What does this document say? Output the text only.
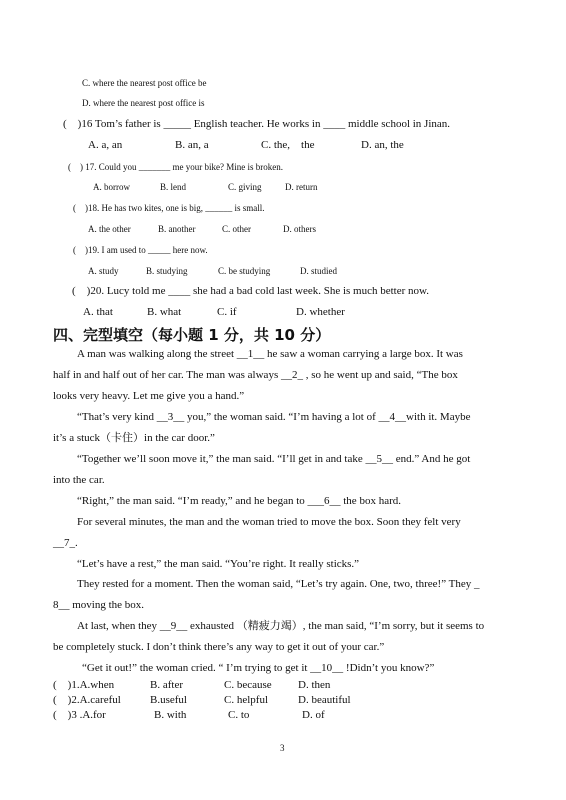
C. where the nearest post office be
D. where the nearest post office is
(    )16 Tom’s father is _____ English teacher. He works in ____ middle school in Jinan.
A. a, an	B. an, a	C. the,    the	D. an, the
(    ) 17. Could you _______ me your bike? Mine is broken.
A. borrow	B. lend	C. giving	D. return
(    )18. He has two kites, one is big, ______ is small.
A. the other	B. another	C. other	D. others
(    )19. I am used to _____ here now.
A. study	B. studying	C. be studying	D. studied
(    )20. Lucy told me ____ she had a bad cold last week. She is much better now.
A. that	B. what	C. if	D. whether
四、完型填空（每小题 1 分，共 10 分）
A man was walking along the street __1__ he saw a woman carrying a large box. It was
half in and half out of her car. The man was always __2_ , so he went up and said, “The box
looks very heavy. Let me give you a hand.”
“That’s very kind __3__ you,” the woman said. “I’m having a lot of __4__with it. Maybe
it’s a stuck（卡住）in the car door.”
“Together we’ll soon move it,” the man said. “I’ll get in and take __5__ end.” And he got
into the car.
“Right,” the man said. “I’m ready,” and he began to ___6__ the box hard.
For several minutes, the man and the woman tried to move the box. Soon they felt very
__7_.
“Let’s have a rest,” the man said. “You’re right. It really sticks.”
They rested for a moment. Then the woman said, “Let’s try again. One, two, three!” They _
8__ moving the box.
At last, when they __9__ exhausted （精疲力竭）, the man said, “I’m sorry, but it seems to
be completely stuck. I don’t think there’s any way to get it out of your car.”
“Get it out!” the woman cried. “ I’m trying to get it __10__ !Didn’t you know?”
(    )1.A.when	B. after	C. because D. then
(    )2.A.careful	B.useful	C. helpful	D. beautiful
(    )3 .A.for	B. with	C. to	D. of
3
